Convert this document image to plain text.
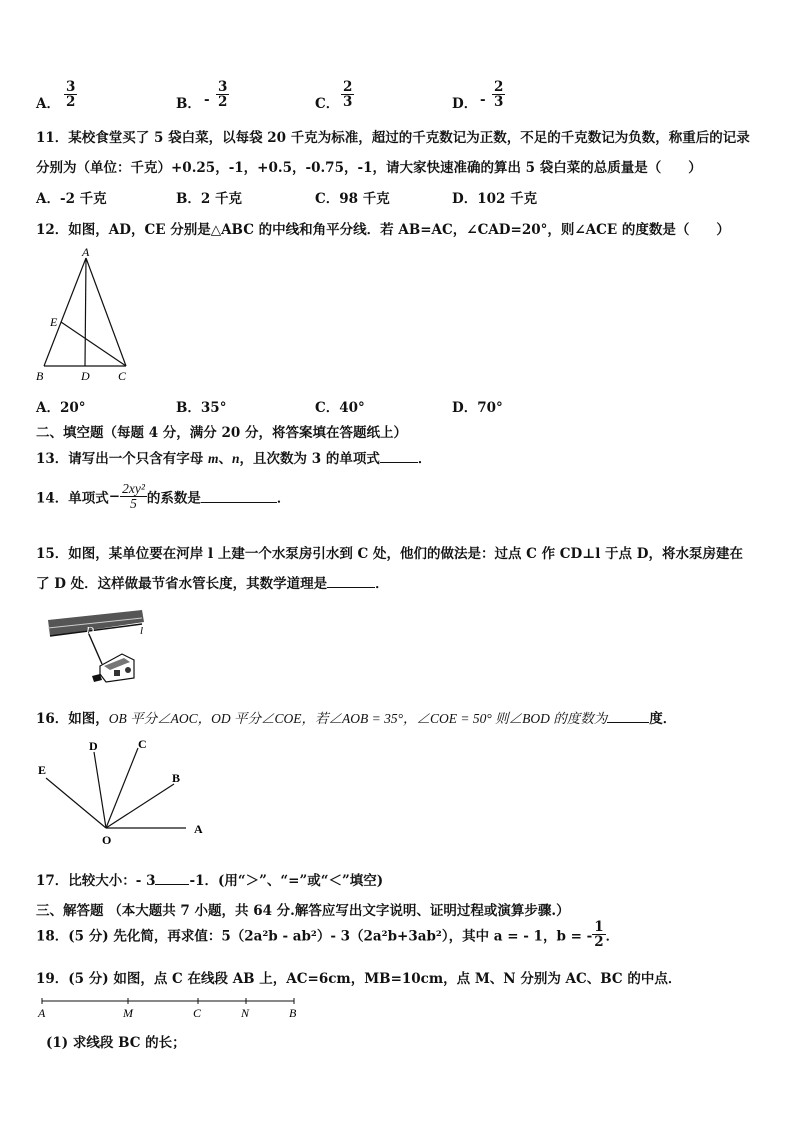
A． $\frac{3}{2}$	B． - $\frac{3}{2}$	C． $\frac{2}{3}$	D． - $\frac{2}{3}$
11．某校食堂买了 5 袋白菜，以每袋 20 千克为标准，超过的千克数记为正数，不足的千克数记为负数，称重后的记录
分别为（单位：千克）+0.25，-1，+0.5，-0.75，-1，请大家快速准确的算出 5 袋白菜的总质量是（　　）
A．-2 千克	B．2 千克	C．98 千克	D．102 千克
12．如图，AD，CE 分别是△ABC 的中线和角平分线．若 AB=AC，∠CAD=20°，则∠ACE 的度数是（　　）
A
E
B	D C
A．20°	B．35°	C．40°	D．70°
二、填空题（每题 4 分，满分 20 分，将答案填在答题纸上）
13．请写出一个只含有字母 m、n，且次数为 3 的单项式	．
14．单项式− $\frac{\text{2xy²}}{5}$ 的系数是	．
15．如图，某单位要在河岸 l 上建一个水泵房引水到 C 处，他们的做法是：过点 C 作 CD⊥l 于点 D，将水泵房建在
了 D 处．这样做最节省水管长度，其数学道理是	．
D	l
16．如图，OB 平分∠AOC，OD 平分∠COE，若∠AOB = 35°，∠COE = 50° 则∠BOD 的度数为	度．
O
A
B
C
D
E
17．比较大小：- 3	-1．(用“＞”、“=”或“＜”填空)
三、解答题 （本大题共 7 小题，共 64 分.解答应写出文字说明、证明过程或演算步骤.）
18．(5 分) 先化简，再求值：5（2a²b - ab²）- 3（2a²b+3ab²），其中 a = - 1，b = - $\frac{1}{2}$ ．
19．(5 分) 如图，点 C 在线段 AB 上，AC=6cm，MB=10cm，点 M、N 分别为 AC、BC 的中点．
A	M	C	N	B
(1) 求线段 BC 的长；
